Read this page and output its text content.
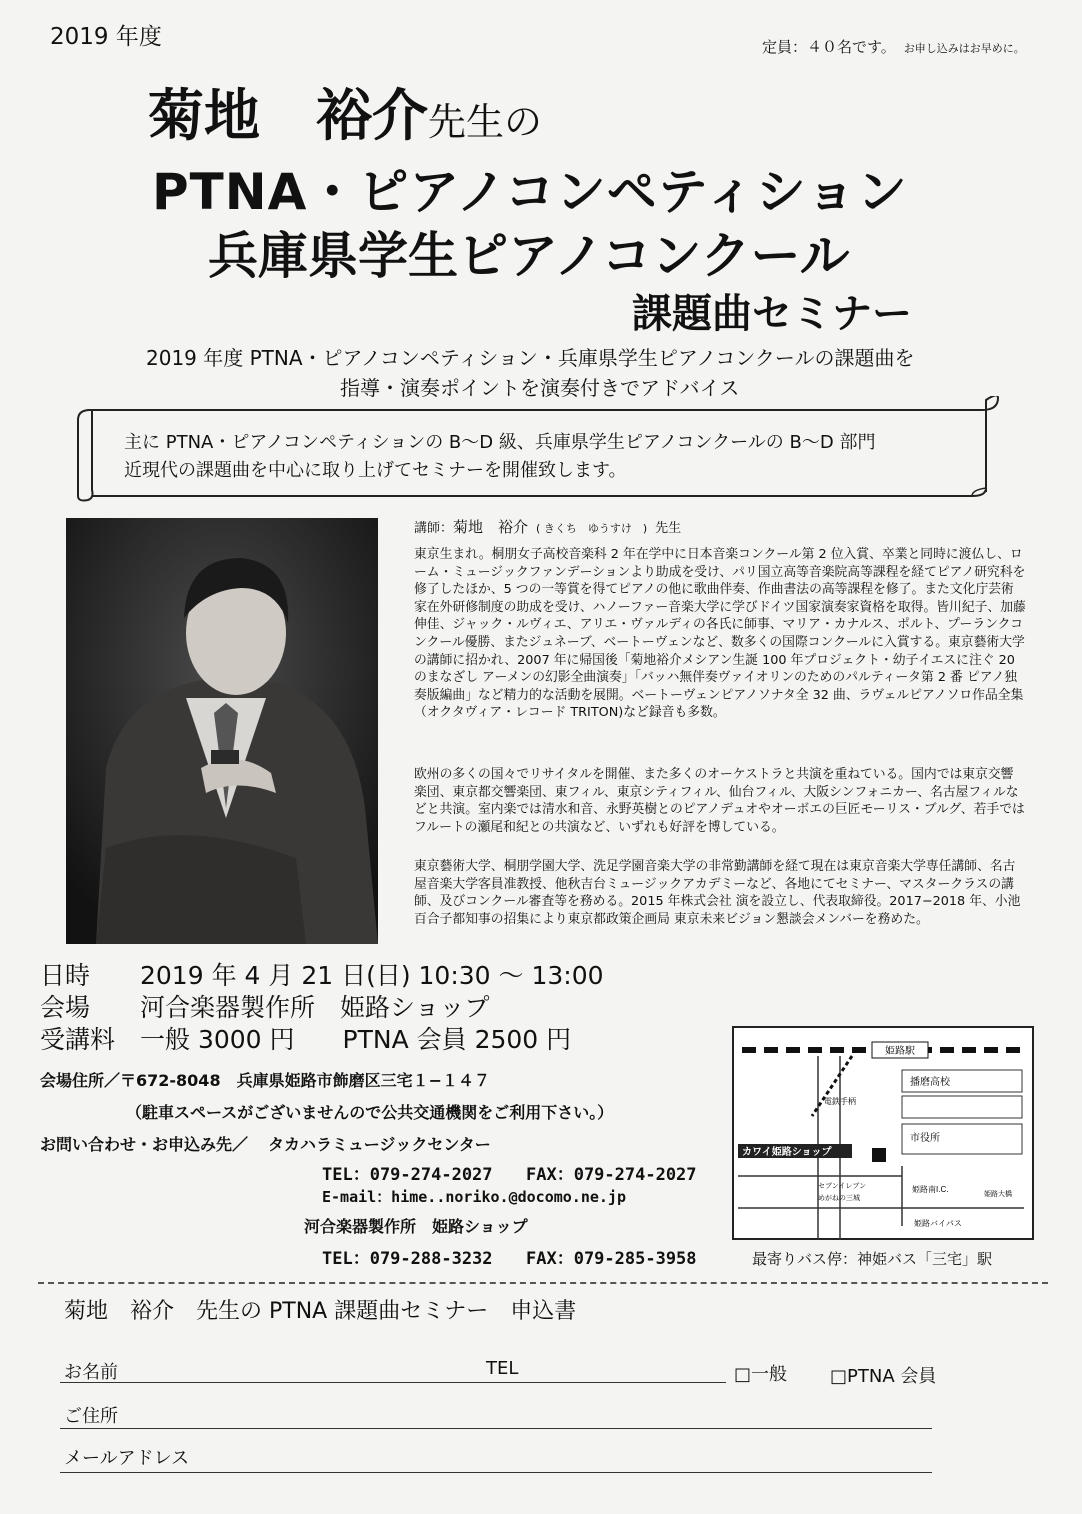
2019 年度	定員：４０名です。 お申し込みはお早めに。
菊地　裕介先生の
PTNA・ピアノコンペティション
兵庫県学生ピアノコンクール
課題曲セミナー
2019 年度 PTNA・ピアノコンペティション・兵庫県学生ピアノコンクールの課題曲を
指導・演奏ポイントを演奏付きでアドバイス
主に PTNA・ピアノコンペティションの B～D 級、兵庫県学生ピアノコンクールの B～D 部門
近現代の課題曲を中心に取り上げてセミナーを開催致します。
講師：菊地　裕介 ( きくち　ゆうすけ　) 先生
東京生まれ。桐朋女子高校音楽科 2 年在学中に日本音楽コンクール第 2 位入賞、卒業と同時に渡仏し、ローム・ミュージックファンデーションより助成を受け、パリ国立高等音楽院高等課程を経てピアノ研究科を修了したほか、5 つの一等賞を得てピアノの他に歌曲伴奏、作曲書法の高等課程を修了。また文化庁芸術家在外研修制度の助成を受け、ハノーファー音楽大学に学びドイツ国家演奏家資格を取得。皆川紀子、加藤伸佳、ジャック・ルヴィエ、アリエ・ヴァルディの各氏に師事、マリア・カナルス、ポルト、プーランクコンクール優勝、またジュネーブ、ベートーヴェンなど、数多くの国際コンクールに入賞する。東京藝術大学の講師に招かれ、2007 年に帰国後「菊地裕介メシアン生誕 100 年プロジェクト・幼子イエスに注ぐ 20 のまなざし アーメンの幻影全曲演奏」「バッハ無伴奏ヴァイオリンのためのパルティータ第 2 番 ピアノ独奏版編曲」など精力的な活動を展開。ベートーヴェンピアノソナタ全 32 曲、ラヴェルピアノソロ作品全集（オクタヴィア・レコード TRITON)など録音も多数。
欧州の多くの国々でリサイタルを開催、また多くのオーケストラと共演を重ねている。国内では東京交響楽団、東京都交響楽団、東フィル、東京シティフィル、仙台フィル、大阪シンフォニカー、名古屋フィルなどと共演。室内楽では清水和音、永野英樹とのピアノデュオやオーボエの巨匠モーリス・ブルグ、若手ではフルートの瀬尾和紀との共演など、いずれも好評を博している。
東京藝術大学、桐朋学園大学、洗足学園音楽大学の非常勤講師を経て現在は東京音楽大学専任講師、名古屋音楽大学客員准教授、他秋吉台ミュージックアカデミーなど、各地にてセミナー、マスタークラスの講師、及びコンクール審査等を務める。2015 年株式会社 演を設立し、代表取締役。2017−2018 年、小池百合子都知事の招集により東京都政策企画局 東京未来ビジョン懇談会メンバーを務めた。
日時 2019 年 4 月 21 日(日) 10:30 ～ 13:00
会場 河合楽器製作所　姫路ショップ
受講料 一般 3000 円 PTNA 会員 2500 円
会場住所／〒672-8048　兵庫県姫路市飾磨区三宅１−１４７
（駐車スペースがございませんので公共交通機関をご利用下さい。）
お問い合わせ・お申込み先／ タカハラミュージックセンター
TEL：079-274-2027 FAX：079-274-2027
E-mail：hime..noriko.@docomo.ne.jp
河合楽器製作所　姫路ショップ
TEL：079-288-3232 FAX：079-285-3958
姫路駅
播磨高校
市役所
電鉄手柄
カワイ姫路ショップ
セブンイレブン
めがねの三城
姫路南I.C.
姫路大橋
姫路バイパス
最寄りバス停：神姫バス「三宅」駅
菊地　裕介　先生の PTNA 課題曲セミナー　申込書
お名前	TEL	□一般 □PTNA 会員
ご住所
メールアドレス
